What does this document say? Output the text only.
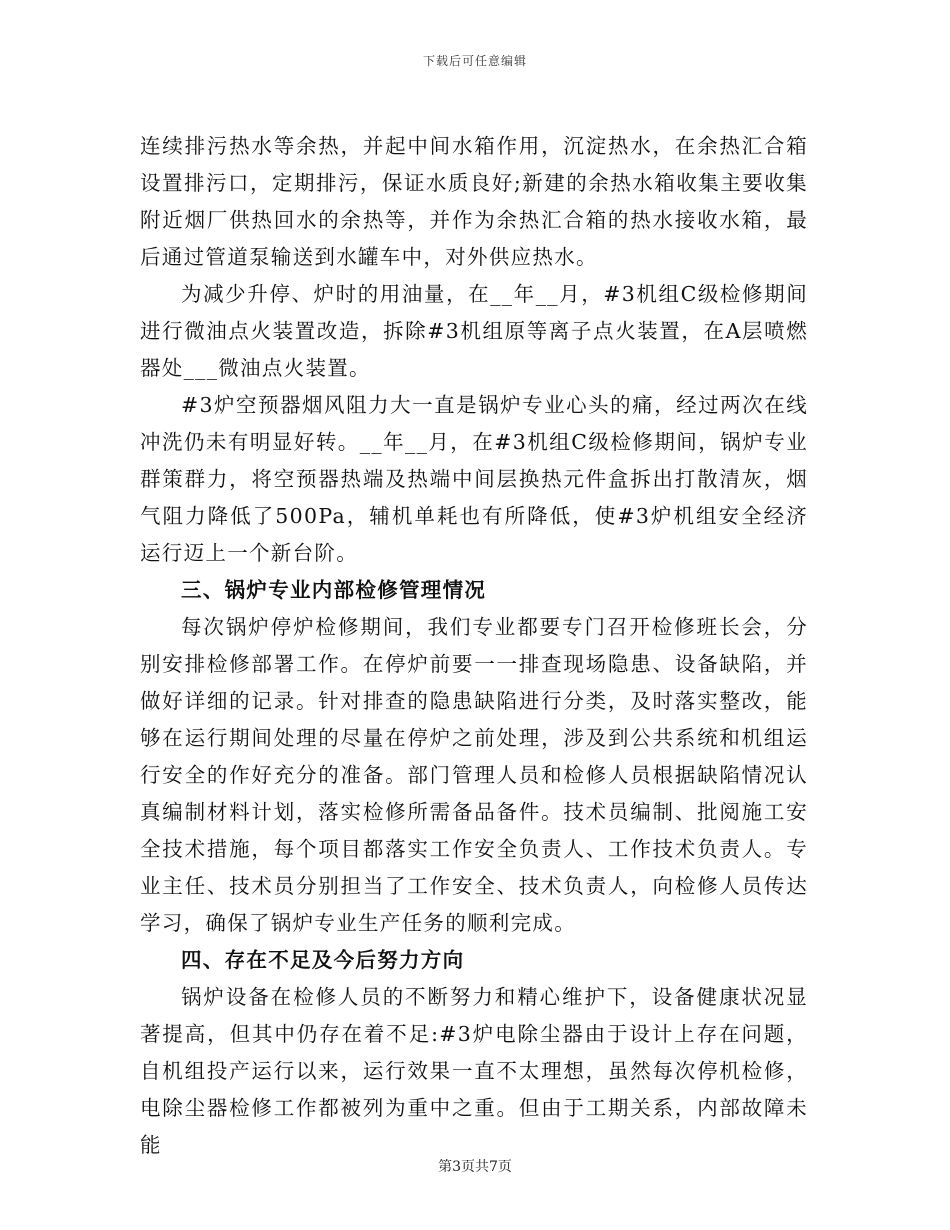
下载后可任意编辑

连续排污热水等余热，并起中间水箱作用，沉淀热水，在余热汇合箱设置排污口，定期排污，保证水质良好;新建的余热水箱收集主要收集附近烟厂供热回水的余热等，并作为余热汇合箱的热水接收水箱，最后通过管道泵输送到水罐车中，对外供应热水。

为减少升停、炉时的用油量，在__年__月，#3机组C级检修期间进行微油点火装置改造，拆除#3机组原等离子点火装置，在A层喷燃器处___微油点火装置。

#3炉空预器烟风阻力大一直是锅炉专业心头的痛，经过两次在线冲洗仍未有明显好转。__年__月，在#3机组C级检修期间，锅炉专业群策群力，将空预器热端及热端中间层换热元件盒拆出打散清灰，烟气阻力降低了500Pa，辅机单耗也有所降低，使#3炉机组安全经济运行迈上一个新台阶。

三、锅炉专业内部检修管理情况

每次锅炉停炉检修期间，我们专业都要专门召开检修班长会，分别安排检修部署工作。在停炉前要一一排查现场隐患、设备缺陷，并做好详细的记录。针对排查的隐患缺陷进行分类，及时落实整改，能够在运行期间处理的尽量在停炉之前处理，涉及到公共系统和机组运行安全的作好充分的准备。部门管理人员和检修人员根据缺陷情况认真编制材料计划，落实检修所需备品备件。技术员编制、批阅施工安全技术措施，每个项目都落实工作安全负责人、工作技术负责人。专业主任、技术员分别担当了工作安全、技术负责人，向检修人员传达学习，确保了锅炉专业生产任务的顺利完成。

四、存在不足及今后努力方向

锅炉设备在检修人员的不断努力和精心维护下，设备健康状况显著提高，但其中仍存在着不足:#3炉电除尘器由于设计上存在问题，自机组投产运行以来，运行效果一直不太理想，虽然每次停机检修，电除尘器检修工作都被列为重中之重。但由于工期关系，内部故障未能

第3页共7页
